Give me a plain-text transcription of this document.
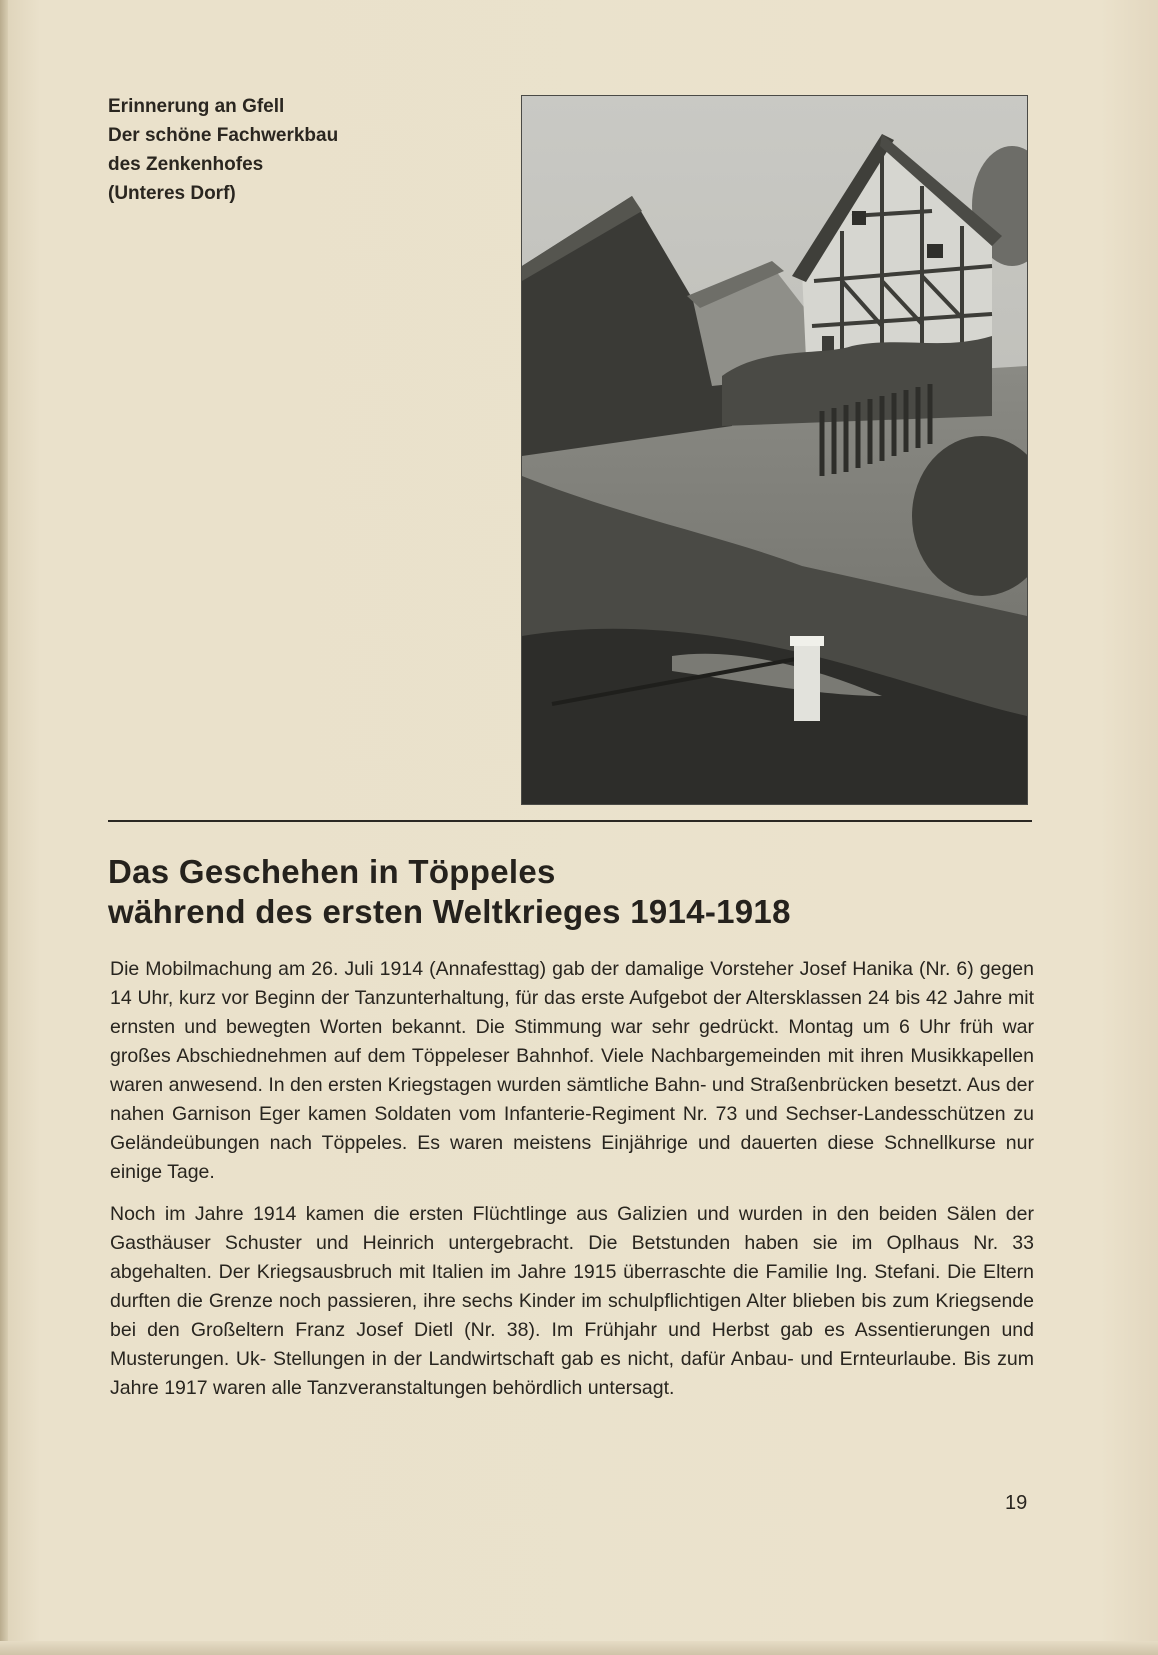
Erinnerung an Gfell
Der schöne Fachwerkbau
des Zenkenhofes
(Unteres Dorf)
Das Geschehen in Töppeles
während des ersten Weltkrieges 1914-1918

Die Mobilmachung am 26. Juli 1914 (Annafesttag) gab der damalige Vorsteher Josef Hanika (Nr. 6) gegen 14 Uhr, kurz vor Beginn der Tanzunterhaltung, für das erste Aufgebot der Altersklassen 24 bis 42 Jahre mit ernsten und bewegten Worten bekannt. Die Stimmung war sehr gedrückt. Montag um 6 Uhr früh war großes Abschiednehmen auf dem Töppeleser Bahnhof. Viele Nachbargemeinden mit ihren Musikkapellen waren anwesend. In den ersten Kriegstagen wurden sämtliche Bahn- und Straßenbrücken besetzt. Aus der nahen Garnison Eger kamen Soldaten vom Infanterie-Regiment Nr. 73 und Sechser-Landesschützen zu Geländeübungen nach Töppeles. Es waren meistens Einjährige und dauerten diese Schnellkurse nur einige Tage.

Noch im Jahre 1914 kamen die ersten Flüchtlinge aus Galizien und wurden in den beiden Sälen der Gasthäuser Schuster und Heinrich untergebracht. Die Betstunden haben sie im Oplhaus Nr. 33 abgehalten. Der Kriegsausbruch mit Italien im Jahre 1915 überraschte die Familie Ing. Stefani. Die Eltern durften die Grenze noch passieren, ihre sechs Kinder im schulpflichtigen Alter blieben bis zum Kriegsende bei den Großeltern Franz Josef Dietl (Nr. 38). Im Frühjahr und Herbst gab es Assentierungen und Musterungen. Uk- Stellungen in der Landwirtschaft gab es nicht, dafür Anbau- und Ernteurlaube. Bis zum Jahre 1917 waren alle Tanzveranstaltungen behördlich untersagt.

19
